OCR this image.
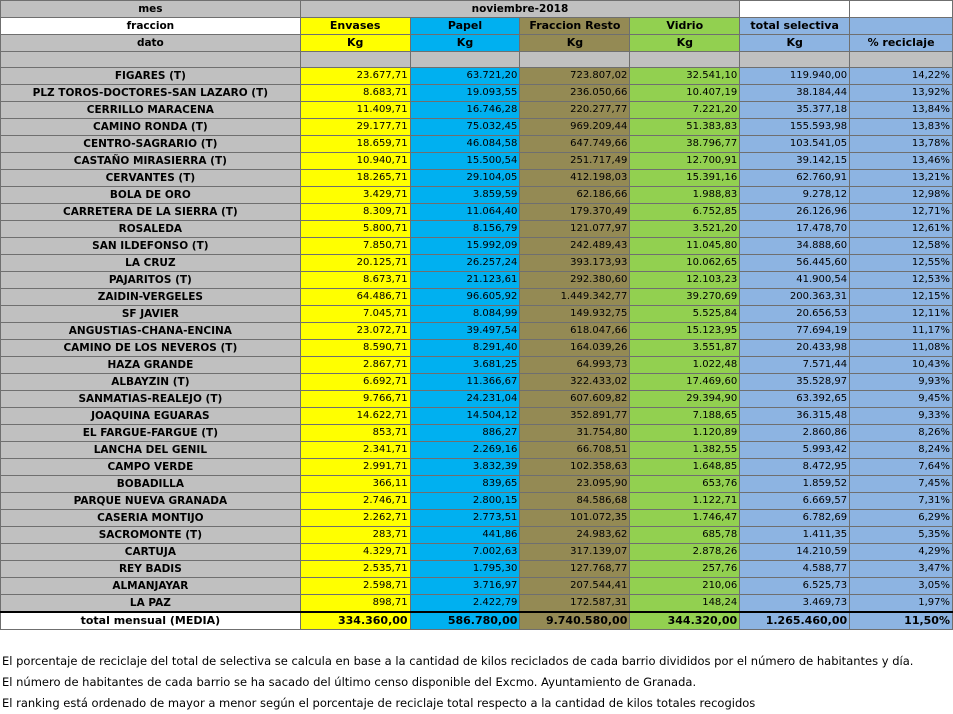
mes	noviembre-2018					
fraccion	Envases	Papel	Fraccion Resto	Vidrio	total selectiva	
dato	Kg	Kg	Kg	Kg	Kg	% reciclaje

FIGARES (T)	23.677,71	63.721,20	723.807,02	32.541,10	119.940,00	14,22%
PLZ TOROS-DOCTORES-SAN LAZARO (T)	8.683,71	19.093,55	236.050,66	10.407,19	38.184,44	13,92%
CERRILLO MARACENA	11.409,71	16.746,28	220.277,77	7.221,20	35.377,18	13,84%
CAMINO RONDA (T)	29.177,71	75.032,45	969.209,44	51.383,83	155.593,98	13,83%
CENTRO-SAGRARIO (T)	18.659,71	46.084,58	647.749,66	38.796,77	103.541,05	13,78%
CASTAÑO MIRASIERRA (T)	10.940,71	15.500,54	251.717,49	12.700,91	39.142,15	13,46%
CERVANTES (T)	18.265,71	29.104,05	412.198,03	15.391,16	62.760,91	13,21%
BOLA DE ORO	3.429,71	3.859,59	62.186,66	1.988,83	9.278,12	12,98%
CARRETERA DE LA SIERRA (T)	8.309,71	11.064,40	179.370,49	6.752,85	26.126,96	12,71%
ROSALEDA	5.800,71	8.156,79	121.077,97	3.521,20	17.478,70	12,61%
SAN ILDEFONSO (T)	7.850,71	15.992,09	242.489,43	11.045,80	34.888,60	12,58%
LA CRUZ	20.125,71	26.257,24	393.173,93	10.062,65	56.445,60	12,55%
PAJARITOS (T)	8.673,71	21.123,61	292.380,60	12.103,23	41.900,54	12,53%
ZAIDIN-VERGELES	64.486,71	96.605,92	1.449.342,77	39.270,69	200.363,31	12,15%
SF JAVIER	7.045,71	8.084,99	149.932,75	5.525,84	20.656,53	12,11%
ANGUSTIAS-CHANA-ENCINA	23.072,71	39.497,54	618.047,66	15.123,95	77.694,19	11,17%
CAMINO DE LOS NEVEROS (T)	8.590,71	8.291,40	164.039,26	3.551,87	20.433,98	11,08%
HAZA GRANDE	2.867,71	3.681,25	64.993,73	1.022,48	7.571,44	10,43%
ALBAYZIN (T)	6.692,71	11.366,67	322.433,02	17.469,60	35.528,97	9,93%
SANMATIAS-REALEJO (T)	9.766,71	24.231,04	607.609,82	29.394,90	63.392,65	9,45%
JOAQUINA EGUARAS	14.622,71	14.504,12	352.891,77	7.188,65	36.315,48	9,33%
EL FARGUE-FARGUE (T)	853,71	886,27	31.754,80	1.120,89	2.860,86	8,26%
LANCHA DEL GENIL	2.341,71	2.269,16	66.708,51	1.382,55	5.993,42	8,24%
CAMPO VERDE	2.991,71	3.832,39	102.358,63	1.648,85	8.472,95	7,64%
BOBADILLA	366,11	839,65	23.095,90	653,76	1.859,52	7,45%
PARQUE NUEVA GRANADA	2.746,71	2.800,15	84.586,68	1.122,71	6.669,57	7,31%
CASERIA MONTIJO	2.262,71	2.773,51	101.072,35	1.746,47	6.782,69	6,29%
SACROMONTE (T)	283,71	441,86	24.983,62	685,78	1.411,35	5,35%
CARTUJA	4.329,71	7.002,63	317.139,07	2.878,26	14.210,59	4,29%
REY BADIS	2.535,71	1.795,30	127.768,77	257,76	4.588,77	3,47%
ALMANJAYAR	2.598,71	3.716,97	207.544,41	210,06	6.525,73	3,05%
LA PAZ	898,71	2.422,79	172.587,31	148,24	3.469,73	1,97%
total mensual (MEDIA)	334.360,00	586.780,00	9.740.580,00	344.320,00	1.265.460,00	11,50%

El porcentaje de reciclaje del total de selectiva se calcula en base a la cantidad de kilos reciclados de cada barrio divididos por el número de habitantes y día.

El número de habitantes de cada barrio se ha sacado del último censo disponible del Excmo. Ayuntamiento de Granada.

El ranking está ordenado de mayor a menor según el porcentaje de reciclaje total respecto a la cantidad de kilos totales recogidos
